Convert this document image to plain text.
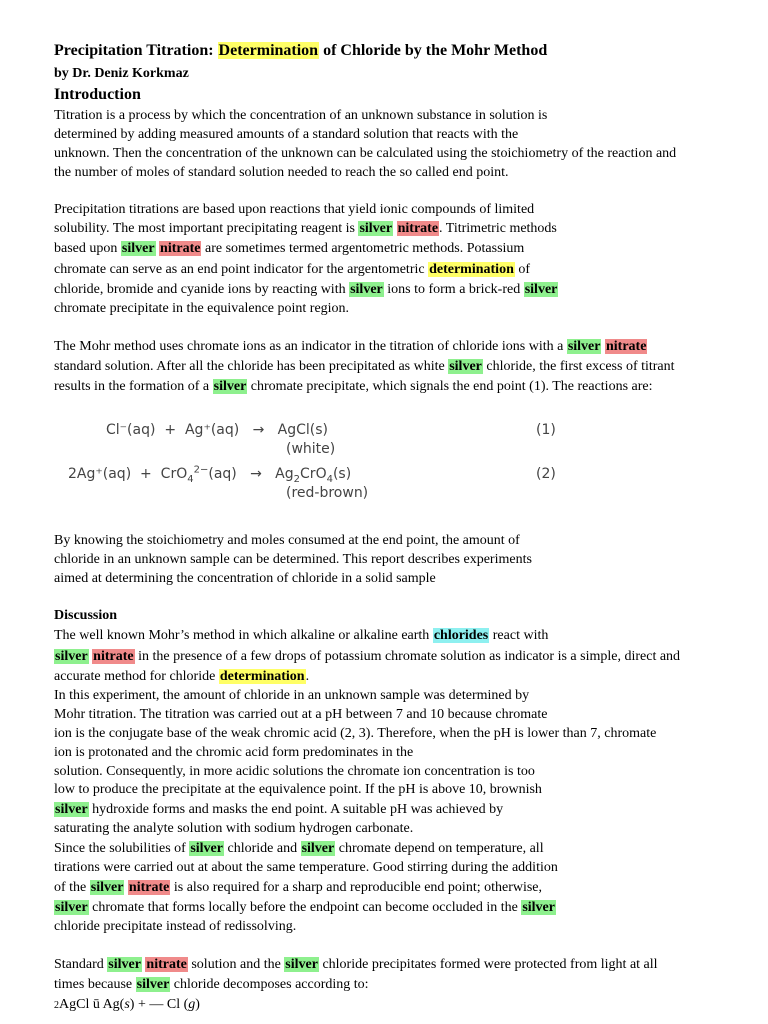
Precipitation Titration: Determination of Chloride by the Mohr Method
by Dr. Deniz Korkmaz
Introduction
Titration is a process by which the concentration of an unknown substance in solution is
determined by adding measured amounts of a standard solution that reacts with the
unknown. Then the concentration of the unknown can be calculated using the stoichiometry of the reaction and
the number of moles of standard solution needed to reach the so called end point.
Precipitation titrations are based upon reactions that yield ionic compounds of limited
solubility. The most important precipitating reagent is silver nitrate. Titrimetric methods
based upon silver nitrate are sometimes termed argentometric methods. Potassium
chromate can serve as an end point indicator for the argentometric determination of
chloride, bromide and cyanide ions by reacting with silver ions to form a brick-red silver
chromate precipitate in the equivalence point region.
The Mohr method uses chromate ions as an indicator in the titration of chloride ions with a silver nitrate
standard solution. After all the chloride has been precipitated as white silver chloride, the first excess of titrant
results in the formation of a silver chromate precipitate, which signals the end point (1). The reactions are:
Cl⁻(aq)  +  Ag⁺(aq)   →   AgCl(s)
(white)
(1)
$2Ag^+(aq) + CrO_4^{2-}(aq) \to Ag_2CrO_4(s)$
(red-brown)
(2)
By knowing the stoichiometry and moles consumed at the end point, the amount of
chloride in an unknown sample can be determined. This report describes experiments
aimed at determining the concentration of chloride in a solid sample
Discussion
The well known Mohr’s method in which alkaline or alkaline earth chlorides react with
silver nitrate in the presence of a few drops of potassium chromate solution as indicator is a simple, direct and
accurate method for chloride determination.
In this experiment, the amount of chloride in an unknown sample was determined by
Mohr titration. The titration was carried out at a pH between 7 and 10 because chromate
ion is the conjugate base of the weak chromic acid (2, 3). Therefore, when the pH is lower than 7, chromate
ion is protonated and the chromic acid form predominates in the
solution. Consequently, in more acidic solutions the chromate ion concentration is too
low to produce the precipitate at the equivalence point. If the pH is above 10, brownish
silver hydroxide forms and masks the end point. A suitable pH was achieved by
saturating the analyte solution with sodium hydrogen carbonate.
Since the solubilities of silver chloride and silver chromate depend on temperature, all
tirations were carried out at about the same temperature. Good stirring during the addition
of the silver nitrate is also required for a sharp and reproducible end point; otherwise,
silver chromate that forms locally before the endpoint can become occluded in the silver
chloride precipitate instead of redissolving.
Standard silver nitrate solution and the silver chloride precipitates formed were protected from light at all
times because silver chloride decomposes according to:
2AgCl ū Ag(s) + — Cl (g)
